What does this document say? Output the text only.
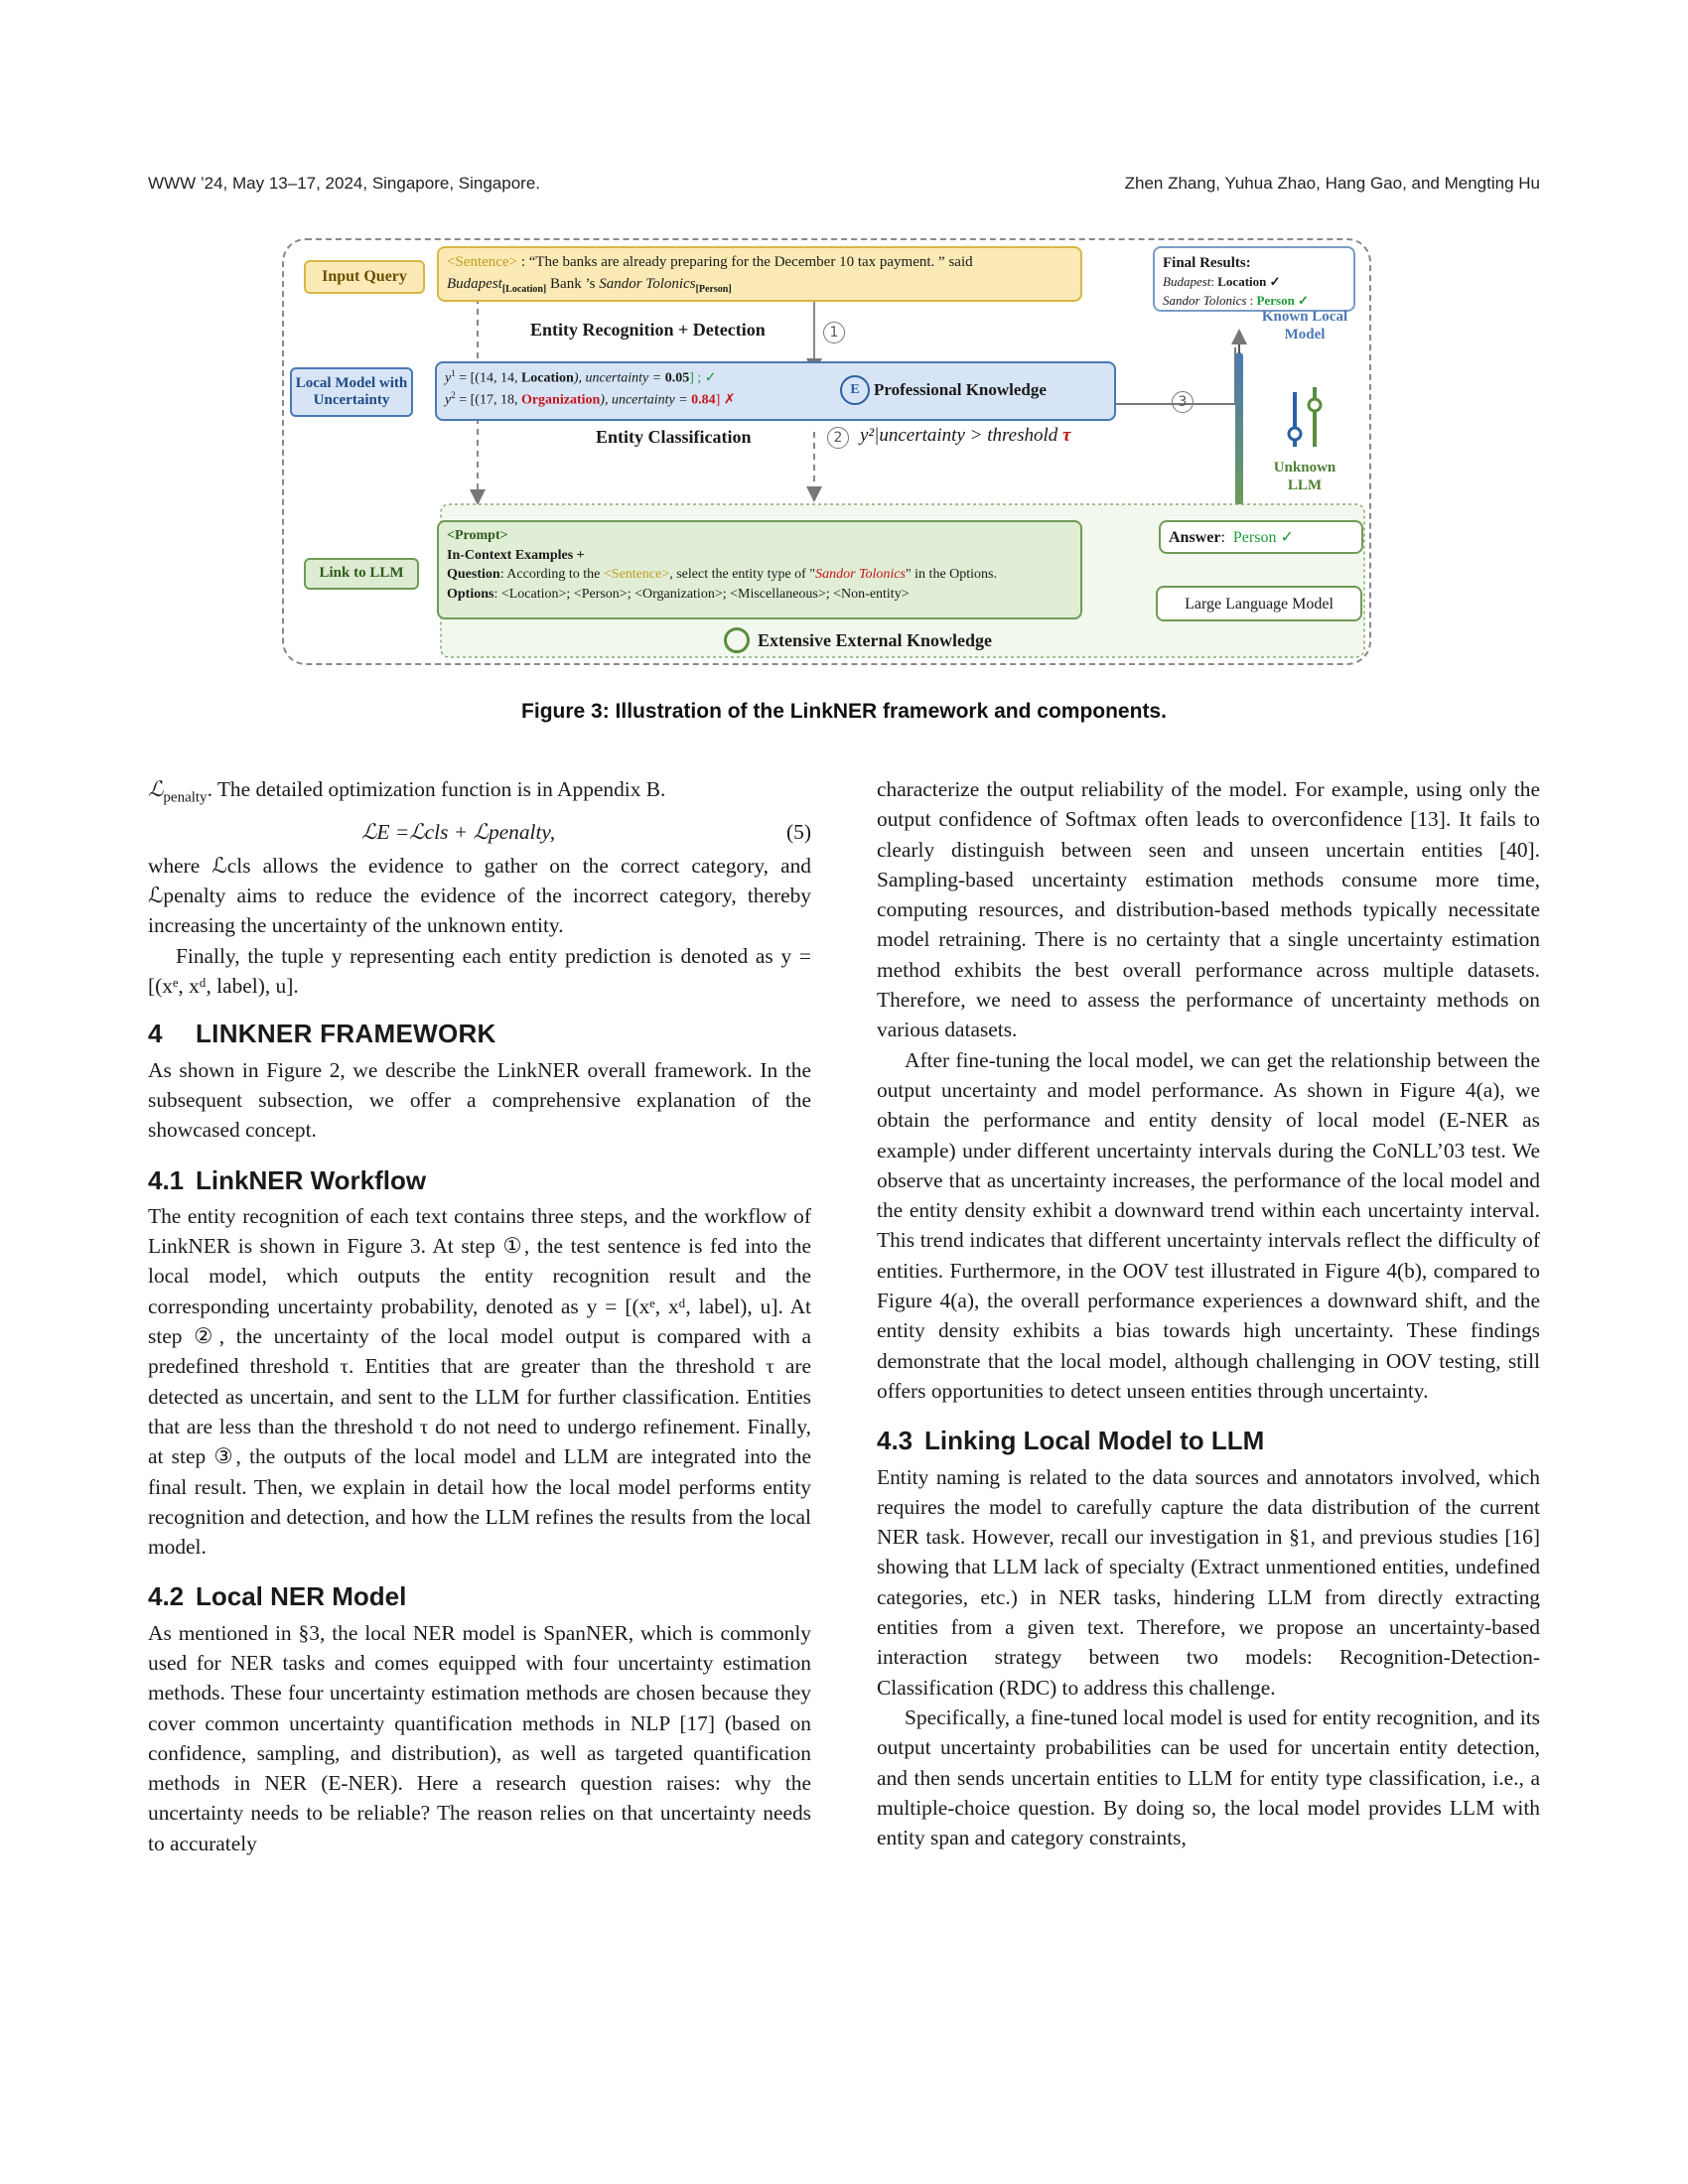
WWW ’24, May 13–17, 2024, Singapore, Singapore.	Zhen Zhang, Yuhua Zhao, Hang Gao, and Mengting Hu
Input Query
<Sentence> : “The banks are already preparing for the December 10 tax payment. ” said
Budapest$_{[Location]}$ Bank ’s Sandor Tolonics$_{[Person]}$
Final Results:
Budapest: Location ✓
Sandor Tolonics : Person ✓
Entity Recognition + Detection	1
Local Model with Uncertainty
$y^1 = [(14$, 14, Location), uncertainty = 0.05] ; ✓
$y^2 = [(17$, 18, Organization), uncertainty = 0.84] ✗
E Professional Knowledge
3
Known Local Model
Unknown LLM
Entity Classification	2 y²|uncertainty > threshold τ
Link to LLM
<Prompt>
In-Context Examples +
Question: According to the <Sentence>, select the entity type of "Sandor Tolonics" in the Options.
Options: <Location>; <Person>; <Organization>; <Miscellaneous>; <Non-entity>
Answer:  Person ✓
Large Language Model
Extensive External Knowledge
Figure 3: Illustration of the LinkNER framework and components.

ℒ$_{penalty}$. The detailed optimization function is in Appendix B.

ℒE =ℒcls + ℒpenalty,	(5)

where ℒcls allows the evidence to gather on the correct category, and ℒpenalty aims to reduce the evidence of the incorrect category, thereby increasing the uncertainty of the unknown entity.

Finally, the tuple y representing each entity prediction is denoted as y = [(xᵉ, xᵈ, label), u].

4 LINKNER FRAMEWORK

As shown in Figure 2, we describe the LinkNER overall framework. In the subsequent subsection, we offer a comprehensive explanation of the showcased concept.

4.1 LinkNER Workflow

The entity recognition of each text contains three steps, and the workflow of LinkNER is shown in Figure 3. At step ①, the test sentence is fed into the local model, which outputs the entity recognition result and the corresponding uncertainty probability, denoted as y = [(xᵉ, xᵈ, label), u]. At step ②, the uncertainty of the local model output is compared with a predefined threshold τ. Entities that are greater than the threshold τ are detected as uncertain, and sent to the LLM for further classification. Entities that are less than the threshold τ do not need to undergo refinement. Finally, at step ③, the outputs of the local model and LLM are integrated into the final result. Then, we explain in detail how the local model performs entity recognition and detection, and how the LLM refines the results from the local model.

4.2 Local NER Model

As mentioned in §3, the local NER model is SpanNER, which is commonly used for NER tasks and comes equipped with four uncertainty estimation methods. These four uncertainty estimation methods are chosen because they cover common uncertainty quantification methods in NLP [17] (based on confidence, sampling, and distribution), as well as targeted quantification methods in NER (E-NER). Here a research question raises: why the uncertainty needs to be reliable? The reason relies on that uncertainty needs to accurately

characterize the output reliability of the model. For example, using only the output confidence of Softmax often leads to overconfidence [13]. It fails to clearly distinguish between seen and unseen uncertain entities [40]. Sampling-based uncertainty estimation methods consume more time, computing resources, and distribution-based methods typically necessitate model retraining. There is no certainty that a single uncertainty estimation method exhibits the best overall performance across multiple datasets. Therefore, we need to assess the performance of uncertainty methods on various datasets.

After fine-tuning the local model, we can get the relationship between the output uncertainty and model performance. As shown in Figure 4(a), we obtain the performance and entity density of local model (E-NER as example) under different uncertainty intervals during the CoNLL’03 test. We observe that as uncertainty increases, the performance of the local model and the entity density exhibit a downward trend within each uncertainty interval. This trend indicates that different uncertainty intervals reflect the difficulty of entities. Furthermore, in the OOV test illustrated in Figure 4(b), compared to Figure 4(a), the overall performance experiences a downward shift, and the entity density exhibits a bias towards high uncertainty. These findings demonstrate that the local model, although challenging in OOV testing, still offers opportunities to detect unseen entities through uncertainty.

4.3 Linking Local Model to LLM

Entity naming is related to the data sources and annotators involved, which requires the model to carefully capture the data distribution of the current NER task. However, recall our investigation in §1, and previous studies [16] showing that LLM lack of specialty (Extract unmentioned entities, undefined categories, etc.) in NER tasks, hindering LLM from directly extracting entities from a given text. Therefore, we propose an uncertainty-based interaction strategy between two models: Recognition-Detection-Classification (RDC) to address this challenge.

Specifically, a fine-tuned local model is used for entity recognition, and its output uncertainty probabilities can be used for uncertain entity detection, and then sends uncertain entities to LLM for entity type classification, i.e., a multiple-choice question. By doing so, the local model provides LLM with entity span and category constraints,
